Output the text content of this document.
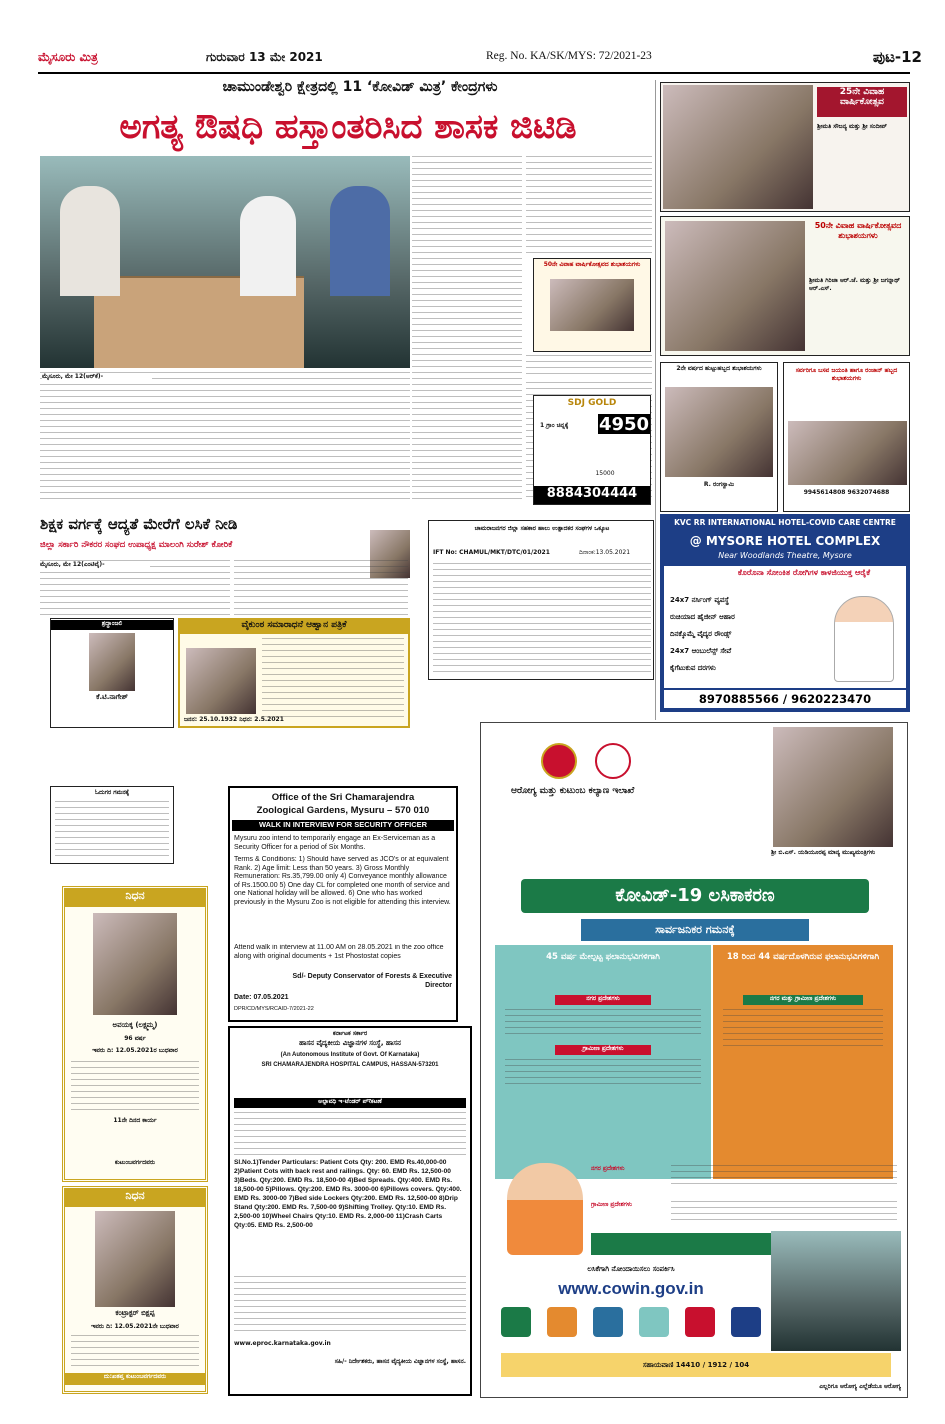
ಮೈಸೂರು ಮಿತ್ರ	ಗುರುವಾರ 13 ಮೇ 2021	Reg. No. KA/SK/MYS: 72/2021-23	ಪುಟ-12
ಚಾಮುಂಡೇಶ್ವರಿ ಕ್ಷೇತ್ರದಲ್ಲಿ 11 ‘ಕೋವಿಡ್ ಮಿತ್ರ’ ಕೇಂದ್ರಗಳು
ಅಗತ್ಯ ಔಷಧಿ ಹಸ್ತಾಂತರಿಸಿದ ಶಾಸಕ ಜಿಟಿಡಿ
50ನೇ ವಿವಾಹ ವಾರ್ಷಿಕೋತ್ಸವದ ಶುಭಾಶಯಗಳು
ಮೈಸೂರು, ಮೇ 12(ಆರ್‌ಕೆ)-
SDJ GOLD
1 ಗ್ರಾಂ ಚಿನ್ನಕ್ಕೆ	4950
15000
8884304444
25ನೇ ವಿವಾಹ ವಾರ್ಷಿಕೋತ್ಸವ
ಶ್ರೀಮತಿ ಸೌಜನ್ಯ ಮತ್ತು ಶ್ರೀ ಸಂದೀಪ್
50ನೇ ವಿವಾಹ ವಾರ್ಷಿಕೋತ್ಸವದ ಶುಭಾಶಯಗಳು
ಶ್ರೀಮತಿ ಗಿರಿಜಾ ಆರ್.ಜೆ. ಮತ್ತು ಶ್ರೀ ಜಗನ್ನಾಥ್ ಆರ್.ಎಸ್.
2ನೇ ವರ್ಷದ ಹುಟ್ಟುಹಬ್ಬದ ಶುಭಾಶಯಗಳು
R. ರಂಗಸ್ವಾಮಿ
ಸರ್ವರಿಗೂ ಬಸವ ಜಯಂತಿ ಹಾಗೂ ರಂಜಾನ್ ಹಬ್ಬದ ಶುಭಾಶಯಗಳು
9945614808 9632074688
ಶಿಕ್ಷಕ ವರ್ಗಕ್ಕೆ ಆದ್ಯತೆ ಮೇರೆಗೆ ಲಸಿಕೆ ನೀಡಿ
ಜಿಲ್ಲಾ ಸರ್ಕಾರಿ ನೌಕರರ ಸಂಘದ ಉಪಾಧ್ಯಕ್ಷ ಮಾಲಂಗಿ ಸುರೇಶ್ ಕೋರಿಕೆ
ಮೈಸೂರು, ಮೇ 12(ಎಂಟಿವೈ)-
ಚಾಮರಾಜನಗರ ಜಿಲ್ಲಾ ಸಹಕಾರ ಹಾಲು ಉತ್ಪಾದಕರ ಸಂಘಗಳ ಒಕ್ಕೂಟ
IFT No: CHAMUL/MKT/DTC/01/2021	ದಿನಾಂಕ:13.05.2021
KVC RR INTERNATIONAL HOTEL-COVID CARE CENTRE
@ MYSORE HOTEL COMPLEX
Near Woodlands Theatre, Mysore
ಕೊರೊನಾ ಸೋಂಕಿತ ರೋಗಿಗಳ ಕಾಳಜಿಯುಕ್ತ ಆರೈಕೆ
24x7 ನರ್ಸಿಂಗ್ ವ್ಯವಸ್ಥೆ
ರುಚಿಯಾದ ಹೈಜೀನ್ ಆಹಾರ
ದಿನಕ್ಕೊಮ್ಮೆ ವೈದ್ಯರ ರೌಂಡ್ಸ್
24x7 ಆಂಬುಲೆನ್ಸ್ ಸೇವೆ
ಕೈಗೆಟುಕುವ ದರಗಳು
8970885566 / 9620223470
ಶ್ರದ್ಧಾಂಜಲಿ
ಕೆ.ಟಿ.ನಾಗೇಶ್
ವೈಕುಂಠ ಸಮಾರಾಧನೆ ಆಹ್ವಾನ ಪತ್ರಿಕೆ
ಜನನ: 25.10.1932 ನಿಧನ: 2.5.2021
ಓದುಗರ ಗಮನಕ್ಕೆ	Office of the Sri Chamarajendra
Zoological Gardens, Mysuru – 570 010
WALK IN INTERVIEW FOR SECURITY OFFICER
Mysuru zoo intend to temporarily engage an Ex-Serviceman as a Security Officer for a period of Six Months.
Terms & Conditions: 1) Should have served as JCO's or at equivalent Rank. 2) Age limit: Less than 50 years. 3) Gross Monthly Remuneration: Rs.35,799.00 only 4) Conveyance monthly allowance of Rs.1500.00 5) One day CL for completed one month of service and one National holiday will be allowed. 6) One who has worked previously in the Mysuru Zoo is not eligible for attending this interview.
Attend walk in interview at 11.00 AM on 28.05.2021 in the zoo office along with original documents + 1st Phostostat copies
Sd/- Deputy Conservator of Forests & Executive Director
Date: 07.05.2021
DPR/CD/MYS/RCAID-7/2021-22
ನಿಧನ
ಅವಯಕ್ಕ (ಲಕ್ಷ್ಮಮ್ಮ)
96 ವರ್ಷ
ಇವರು ದಿ: 12.05.2021ರ ಬುಧವಾರ
11ನೇ ದಿನದ ಕಾರ್ಯ
ಕುಟುಂಬವರ್ಗದವರು
ನಿಧನ
ಕಂಟ್ರಾಕ್ಟರ್ ಬಿಕ್ಷಪ್ಪ
ಇವರು ದಿ: 12.05.2021ನೇ ಬುಧವಾರ
ದು:ಖತಪ್ತ ಕುಟುಂಬವರ್ಗದವರು
ಕರ್ನಾಟಕ ಸರ್ಕಾರ
ಹಾಸನ ವೈದ್ಯಕೀಯ ವಿಜ್ಞಾನಗಳ ಸಂಸ್ಥೆ, ಹಾಸನ
(An Autonomous Institute of Govt. Of Karnataka)
SRI CHAMARAJENDRA HOSPITAL CAMPUS, HASSAN-573201
ಅಲ್ಪಾವಧಿ ಇ-ಟೆಂಡರ್ ಪ್रಕಟಣೆ
Sl.No.1)Tender Particulars: Patient Cots Qty: 200. EMD Rs.40,000-00 2)Patient Cots with back rest and railings. Qty: 60. EMD Rs. 12,500-00 3)Beds. Qty:200. EMD Rs. 18,500-00 4)Bed Spreads. Qty:400. EMD Rs. 18,500-00 5)Pillows. Qty:200. EMD Rs. 3000-00 6)Pillows covers. Qty:400. EMD Rs. 3000-00 7)Bed side Lockers Qty:200. EMD Rs. 12,500-00 8)Drip Stand Qty:200. EMD Rs. 7,500-00 9)Shifting Trolley. Qty:10. EMD Rs. 2,500-00 10)Wheel Chairs Qty:10. EMD Rs. 2,000-00 11)Crash Carts Qty:05. EMD Rs. 2,500-00
www.eproc.karnataka.gov.in
ಸಹಿ/- ನಿರ್ದೇಶಕರು, ಹಾಸನ ವೈದ್ಯಕೀಯ ವಿಜ್ಞಾನಗಳ ಸಂಸ್ಥೆ, ಹಾಸನ.
ಆರೋಗ್ಯ ಮತ್ತು ಕುಟುಂಬ ಕಲ್ಯಾಣ ಇಲಾಖೆ
ಶ್ರೀ ಬಿ.ಎಸ್. ಯಡಿಯೂರಪ್ಪ ಮಾನ್ಯ ಮುಖ್ಯಮಂತ್ರಿಗಳು
ಕೋವಿಡ್-19 ಲಸಿಕಾಕರಣ
ಸಾರ್ವಜನಿಕರ ಗಮನಕ್ಕೆ
45 ವರ್ಷ ಮೇಲ್ಪಟ್ಟ ಫಲಾನುಭವಿಗಳಿಗಾಗಿ
ನಗರ ಪ್ರದೇಶಗಳು
ಗ್ರಾಮೀಣ ಪ್ರದೇಶಗಳು
18 ರಿಂದ 44 ವರ್ಷದೊಳಗಿರುವ ಫಲಾನುಭವಿಗಳಿಗಾಗಿ
ನಗರ ಮತ್ತು ಗ್ರಾಮೀಣ ಪ್ರದೇಶಗಳು
ನಗರ ಪ್ರದೇಶಗಳು
ಗ್ರಾಮೀಣ ಪ್ರದೇಶಗಳು
ಲಸಿಕೆಗಾಗಿ ನೋಂದಾಯಿಸಲು ಸಂಪರ್ಕಿಸಿ
www.cowin.gov.in
ಸಹಾಯವಾಣಿ 14410 / 1912 / 104
ಎಲ್ಲರಿಗೂ ಆರೋಗ್ಯ ಎಲ್ಲೆಡೆಯೂ ಆರೋಗ್ಯ
